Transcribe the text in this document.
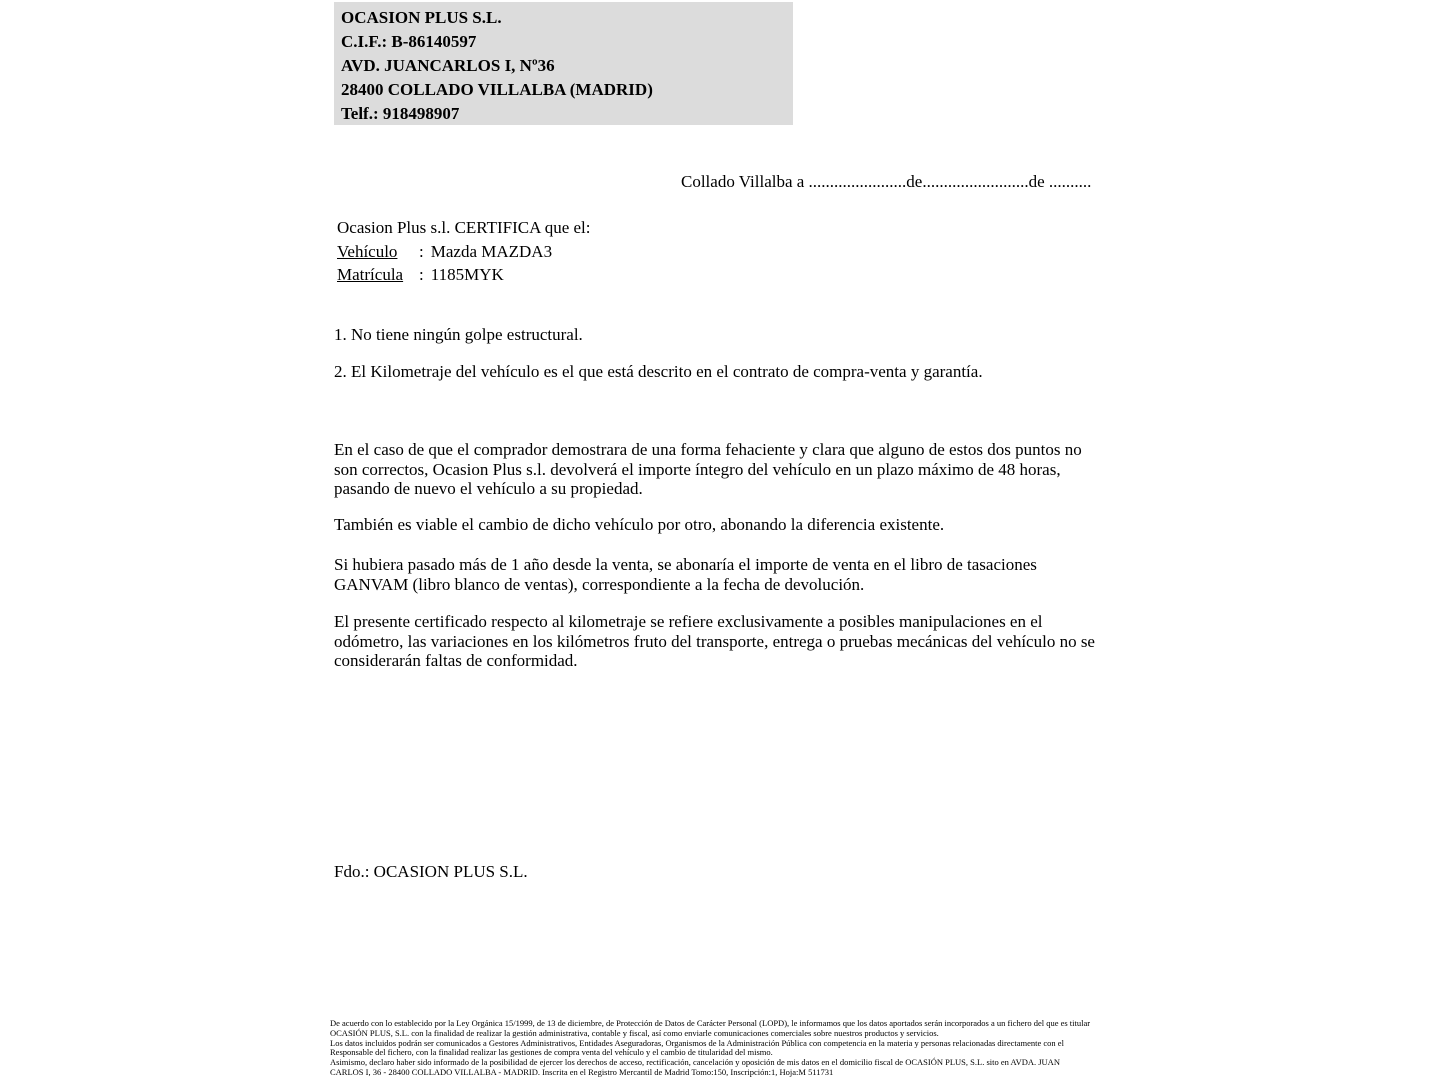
OCASION PLUS S.L.
C.I.F.: B-86140597
AVD. JUANCARLOS I, Nº36
28400 COLLADO VILLALBA (MADRID)
Telf.: 918498907
Collado Villalba a .......................de.........................de ..........
Ocasion Plus s.l. CERTIFICA que el:
Vehículo : Mazda MAZDA3
Matrícula : 1185MYK
1. No tiene ningún golpe estructural.
2. El Kilometraje del vehículo es el que está descrito en el contrato de compra-venta y garantía.
En el caso de que el comprador demostrara de una forma fehaciente y clara que alguno de estos dos puntos no son correctos, Ocasion Plus s.l. devolverá el importe íntegro del vehículo en un plazo máximo de 48 horas, pasando de nuevo el vehículo a su propiedad.
También es viable el cambio de dicho vehículo por otro, abonando la diferencia existente.
Si hubiera pasado más de 1 año desde la venta, se abonaría el importe de venta en el libro de tasaciones GANVAM (libro blanco de ventas), correspondiente a la fecha de devolución.
El presente certificado respecto al kilometraje se refiere exclusivamente a posibles manipulaciones en el odómetro, las variaciones en los kilómetros fruto del transporte, entrega o pruebas mecánicas del vehículo no se considerarán faltas de conformidad.
Fdo.: OCASION PLUS S.L.
De acuerdo con lo establecido por la Ley Orgánica 15/1999, de 13 de diciembre, de Protección de Datos de Carácter Personal (LOPD), le informamos que los datos aportados serán incorporados a un fichero del que es titular
OCASIÓN PLUS, S.L. con la finalidad de realizar la gestión administrativa, contable y fiscal, así como enviarle comunicaciones comerciales sobre nuestros productos y servicios.
Los datos incluidos podrán ser comunicados a Gestores Administrativos, Entidades Aseguradoras, Organismos de la Administración Pública con competencia en la materia y personas relacionadas directamente con el
Responsable del fichero, con la finalidad realizar las gestiones de compra venta del vehículo y el cambio de titularidad del mismo.
Asimismo, declaro haber sido informado de la posibilidad de ejercer los derechos de acceso, rectificación, cancelación y oposición de mis datos en el domicilio fiscal de OCASIÓN PLUS, S.L. sito en AVDA. JUAN
CARLOS I, 36 - 28400 COLLADO VILLALBA - MADRID. Inscrita en el Registro Mercantil de Madrid Tomo:150, Inscripción:1, Hoja:M 511731
